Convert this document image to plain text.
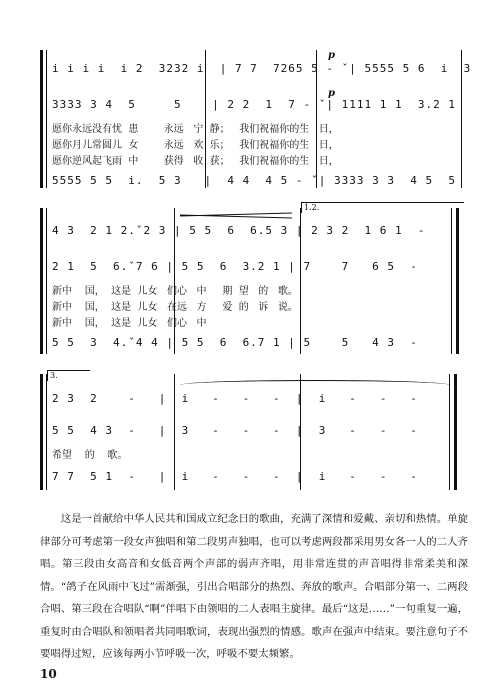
p
p
i i i i  i 2  3232 i  | 7 7  7265 5 - ˇ| 5555 5 6  i  3
3333 3 4  5     5    | 2 2  1  7 - ˇ| 1111 1 1  3.2 1
愿你永远没有忧  患        永远   宁  静；   我们祝福你的生   日，
愿你月儿常圆儿  女        永远   欢  乐；   我们祝福你的生   日，
愿你逆风起飞雨  中        获得   收  获；   我们祝福你的生   日，
5555 5 5  i.  5 3   |  4 4  4 5 - ˇ| 3333 3 3  4 5  5
1.2.
4 3  2 1 2.ˇ2 3 | 5 5  6  6.5 3 | 2 3 2  1 6 1  -
2 1  5  6.ˇ7 6 | 5 5  6  3.2 1 | 7    7   6 5  -
新中    国，  这是  儿女   们心   中     期  望   的   歌。
新中    国，  这是  儿女   在远   方     爱  的   诉   说。
新中    国，  这是  儿女   们心   中
5 5  3  4.ˇ4 4 | 5 5  6  6.7 1 | 5    5   4 3  -
3.
2 3  2    -   |  i   -   -   -  |  i   -   -   -
5 5  4 3  -   |  3   -   -   -  |  3   -   -   -
希望    的    歌。
7 7  5 1  -   |  i   -   -   -  |  i   -   -   -
这是一首献给中华人民共和国成立纪念日的歌曲，充满了深情和爱戴、亲切和热情。单旋律部分可考虑第一段女声独唱和第二段男声独唱，也可以考虑两段都采用男女各一人的二人齐唱。第三段由女高音和女低音两个声部的弱声齐唱，用非常连贯的声音唱得非常柔美和深情。“鸽子在风雨中飞过”需渐强，引出合唱部分的热烈、奔放的歌声。合唱部分第一、二两段合唱、第三段在合唱队“啊”伴唱下由领唱的二人表唱主旋律。最后“这是……”一句重复一遍，重复时由合唱队和领唱者共同唱歌词，表现出强烈的情感。歌声在强声中结束。要注意句子不要唱得过短，应该每两小节呼吸一次，呼吸不要太频繁。
10
